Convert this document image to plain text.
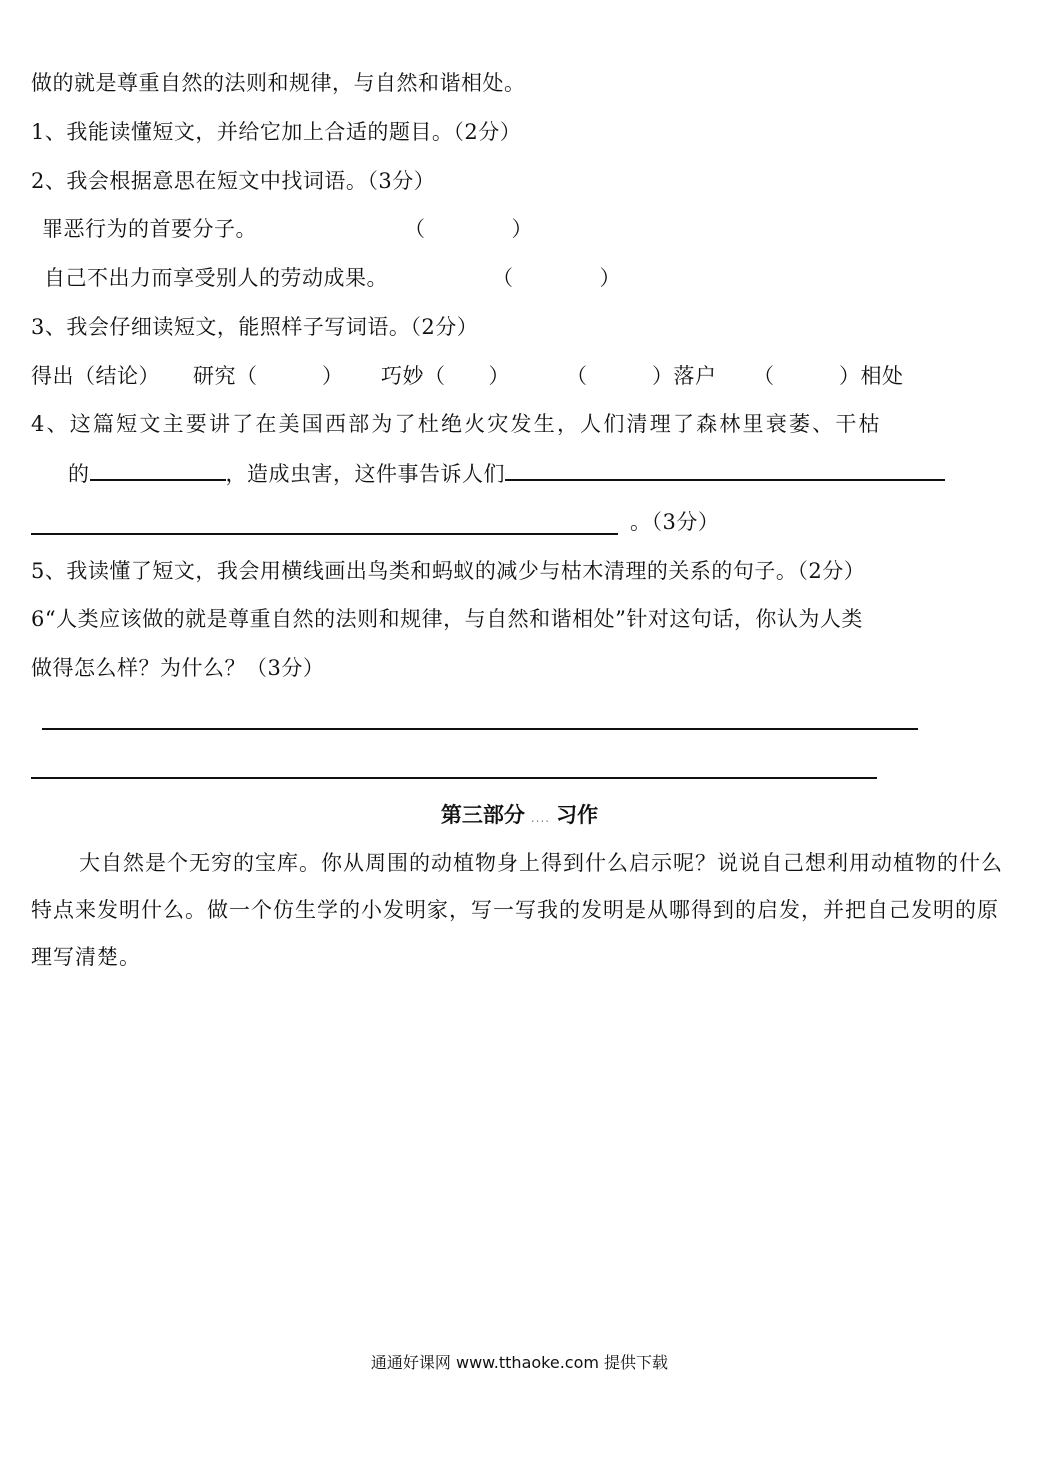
做的就是尊重自然的法则和规律，与自然和谐相处。
1、我能读懂短文，并给它加上合适的题目。（2分）
2、我会根据意思在短文中找词语。（3分）
罪恶行为的首要分子。	（　　　　）
自己不出力而享受别人的劳动成果。	（　　　　）
3、我会仔细读短文，能照样子写词语。（2分）
得出（结论） 研究（　　　） 巧妙（　　）	（　　　）落户 （　　　）相处
4、这篇短文主要讲了在美国西部为了杜绝火灾发生，人们清理了森林里衰萎、干枯
的	，造成虫害，这件事告诉人们
。（3分）
5、我读懂了短文，我会用横线画出鸟类和蚂蚁的减少与枯木清理的关系的句子。（2分）
6“人类应该做的就是尊重自然的法则和规律，与自然和谐相处”针对这句话，你认为人类
做得怎么样？为什么？（3分）
第三部分 .... 习作
大自然是个无穷的宝库。你从周围的动植物身上得到什么启示呢？说说自己想利用动植物的什么特点来发明什么。做一个仿生学的小发明家，写一写我的发明是从哪得到的启发，并把自己发明的原理写清楚。
通通好课网 www.tthaoke.com 提供下载
